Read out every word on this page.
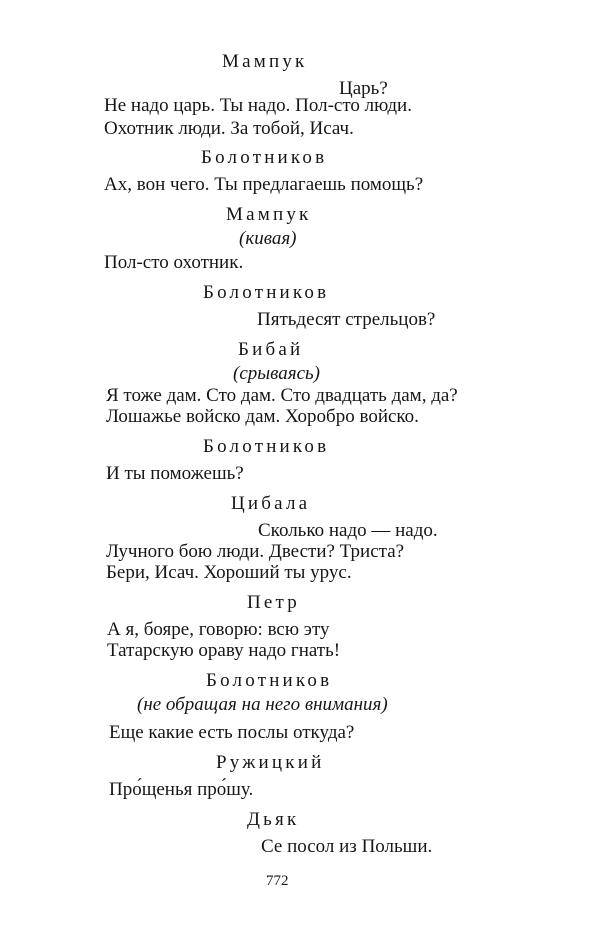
Мампук
Царь?
Не надо царь. Ты надо. Пол-сто люди.
Охотник люди. За тобой, Исач.
Болотников
Ах, вон чего. Ты предлагаешь помощь?
Мампук
(кивая)
Пол-сто охотник.
Болотников
Пятьдесят стрельцов?
Бибай
(срываясь)
Я тоже дам. Сто дам. Сто двадцать дам, да?
Лошажье войско дам. Хоробро войско.
Болотников
И ты поможешь?
Цибала
Сколько надо — надо.
Лучного бою люди. Двести? Триста?
Бери, Исач. Хороший ты урус.
Петр
А я, бояре, говорю: всю эту
Татарскую ораву надо гнать!
Болотников
(не обращая на него внимания)
Еще какие есть послы откуда?
Ружицкий
Про́щенья про́шу.
Дьяк
Се посол из Польши.
772
